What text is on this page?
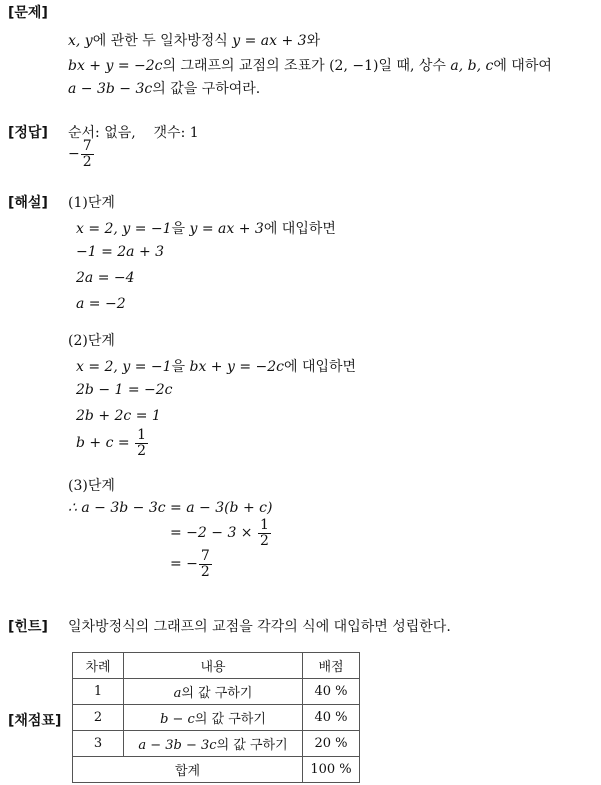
[문제]
x, y에 관한 두 일차방정식 y = ax + 3와
bx + y = −2c의 그래프의 교점의 조표가 (2, −1)일 때, 상수 a, b, c에 대하여
a − 3b − 3c의 값을 구하여라.
[정답] 순서: 없음, 갯수: 1
− $\frac{7}{2}$
[해설] (1)단계
x = 2, y = −1을 y = ax + 3에 대입하면
−1 = 2a + 3
2a = −4
a = −2
(2)단계
x = 2, y = −1을 bx + y = −2c에 대입하면
2b − 1 = −2c
2b + 2c = 1
$b + c = \frac{1}{2}$
(3)단계
∴ a − 3b − 3c = a − 3(b + c)
= $-2 - 3 \times \frac{1}{2}$
= − $\frac{7}{2}$
[힌트] 일차방정식의 그래프의 교점을 각각의 식에 대입하면 성립한다.
[채점표]
차례	내용	배점
1	a의 값 구하기	40 %
2	b − c의 값 구하기	40 %
3	a − 3b − 3c의 값 구하기	20 %
합계		100 %
